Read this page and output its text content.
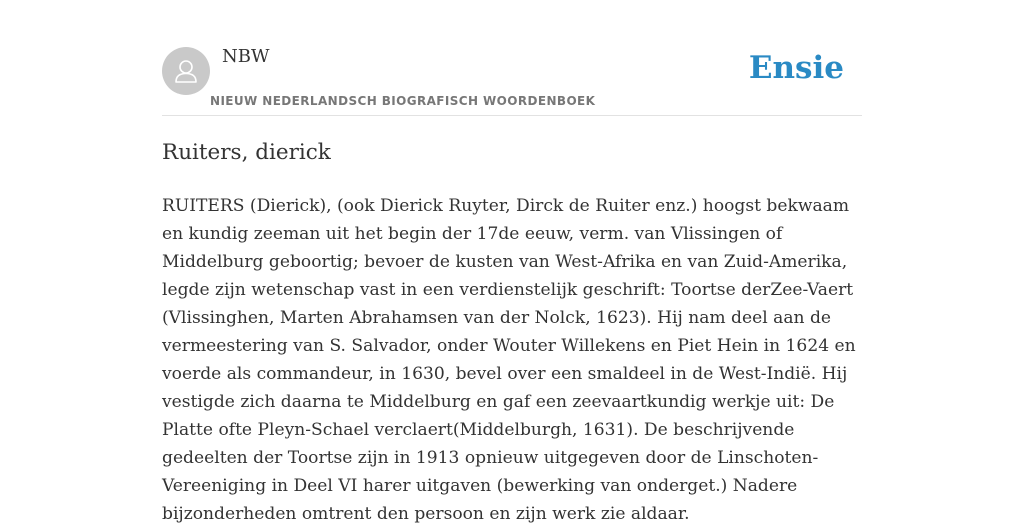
NBW
NIEUW NEDERLANDSCH BIOGRAFISCH WOORDENBOEK
Ensie
Ruiters, dierick

RUITERS (Dierick), (ook Dierick Ruyter, Dirck de Ruiter enz.) hoogst bekwaam en kundig zeeman uit het begin der 17de eeuw, verm. van Vlissingen of Middelburg geboortig; bevoer de kusten van West-Afrika en van Zuid-Amerika, legde zijn wetenschap vast in een verdienstelijk geschrift: Toortse derZee-Vaert (Vlissinghen, Marten Abrahamsen van der Nolck, 1623). Hij nam deel aan de vermeestering van S. Salvador, onder Wouter Willekens en Piet Hein in 1624 en voerde als commandeur, in 1630, bevel over een smaldeel in de West-Indië. Hij vestigde zich daarna te Middelburg en gaf een zeevaartkundig werkje uit: De Platte ofte Pleyn-Schael verclaert(Middelburgh, 1631). De beschrijvende gedeelten der Toortse zijn in 1913 opnieuw uitgegeven door de Linschoten-Vereeniging in Deel VI harer uitgaven (bewerking van onderget.) Nadere bijzonderheden omtrent den persoon en zijn werk zie aldaar.
